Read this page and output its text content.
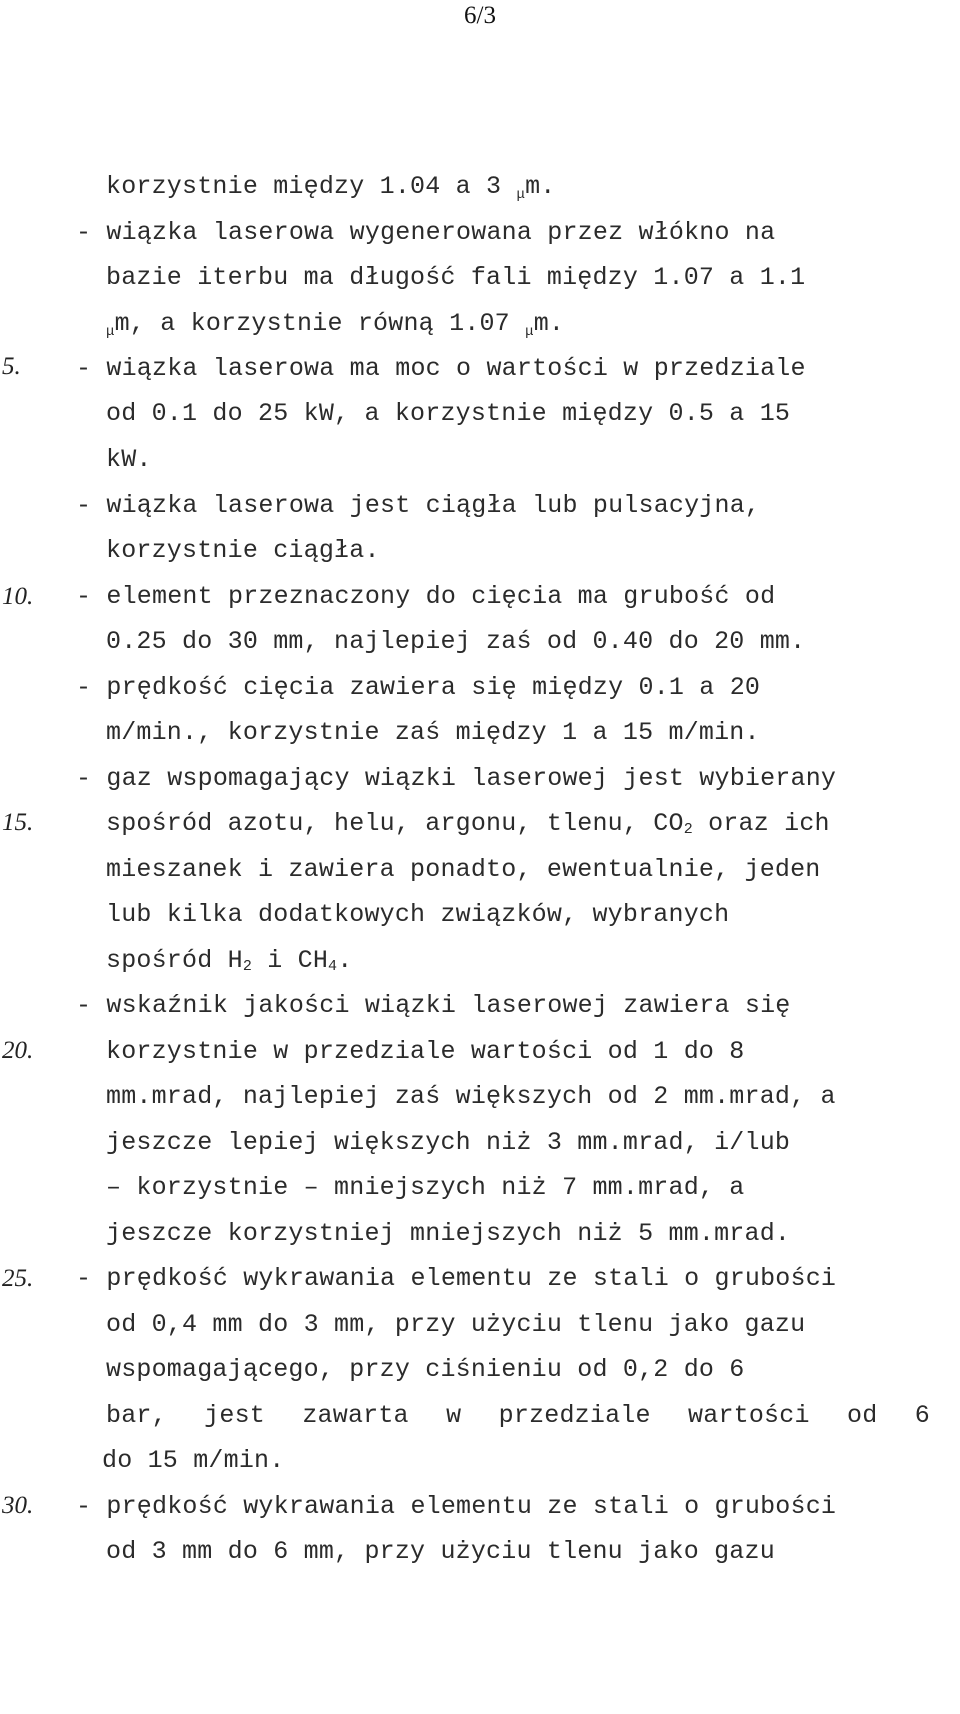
6/3
5.
10.
15.
20.
25.
30.
korzystnie między 1.04 a 3 $_\mu$m.
- wiązka laserowa wygenerowana przez włókno na
bazie iterbu ma długość fali między 1.07 a 1.1
$_\mu$m, a korzystnie równą 1.07 $_\mu$m.
- wiązka laserowa ma moc o wartości w przedziale
od 0.1 do 25 kW, a korzystnie między 0.5 a 15
kW.
- wiązka laserowa jest ciągła lub pulsacyjna,
korzystnie ciągła.
- element przeznaczony do cięcia ma grubość od
0.25 do 30 mm, najlepiej zaś od 0.40 do 20 mm.
- prędkość cięcia zawiera się między 0.1 a 20
m/min., korzystnie zaś między 1 a 15 m/min.
- gaz wspomagający wiązki laserowej jest wybierany
spośród azotu, helu, argonu, tlenu, $CO_2$ oraz ich
mieszanek i zawiera ponadto, ewentualnie, jeden
lub kilka dodatkowych związków, wybranych
spośród $H_2$ i $CH_4$.
- wskaźnik jakości wiązki laserowej zawiera się
korzystnie w przedziale wartości od 1 do 8
mm.mrad, najlepiej zaś większych od 2 mm.mrad, a
jeszcze lepiej większych niż 3 mm.mrad, i/lub
– korzystnie – mniejszych niż 7 mm.mrad, a
jeszcze korzystniej mniejszych niż 5 mm.mrad.
- prędkość wykrawania elementu ze stali o grubości
od 0,4 mm do 3 mm, przy użyciu tlenu jako gazu
wspomagającego, przy ciśnieniu od 0,2 do 6
bar, jest zawarta w przedziale wartości od 6
do 15 m/min.
- prędkość wykrawania elementu ze stali o grubości
od 3 mm do 6 mm, przy użyciu tlenu jako gazu
